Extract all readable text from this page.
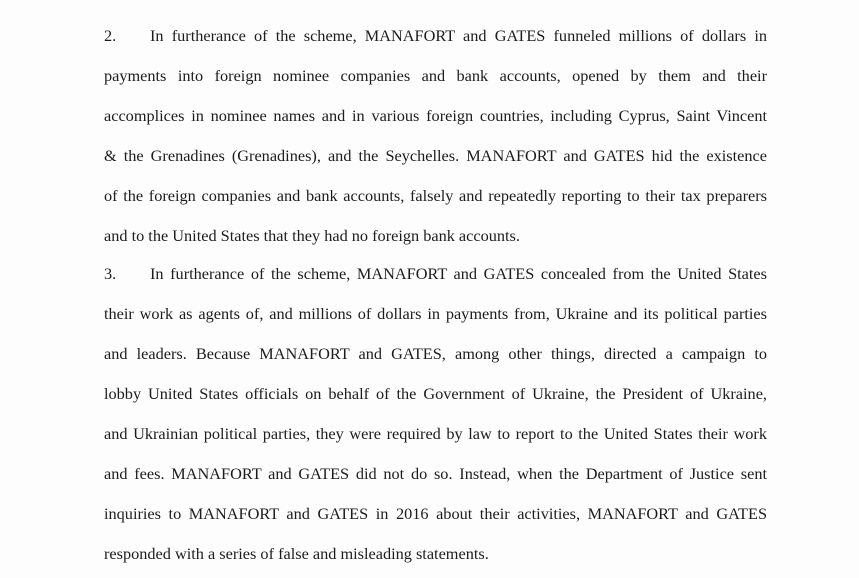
2. In furtherance of the scheme, MANAFORT and GATES funneled millions of dollars in

payments into foreign nominee companies and bank accounts, opened by them and their

accomplices in nominee names and in various foreign countries, including Cyprus, Saint Vincent

& the Grenadines (Grenadines), and the Seychelles. MANAFORT and GATES hid the existence

of the foreign companies and bank accounts, falsely and repeatedly reporting to their tax preparers

and to the United States that they had no foreign bank accounts.

3. In furtherance of the scheme, MANAFORT and GATES concealed from the United States

their work as agents of, and millions of dollars in payments from, Ukraine and its political parties

and leaders. Because MANAFORT and GATES, among other things, directed a campaign to

lobby United States officials on behalf of the Government of Ukraine, the President of Ukraine,

and Ukrainian political parties, they were required by law to report to the United States their work

and fees. MANAFORT and GATES did not do so. Instead, when the Department of Justice sent

inquiries to MANAFORT and GATES in 2016 about their activities, MANAFORT and GATES

responded with a series of false and misleading statements.
